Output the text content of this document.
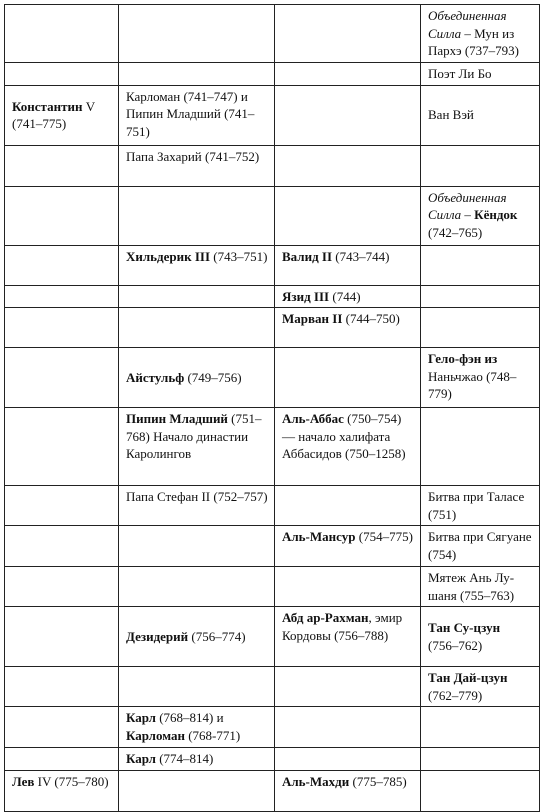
			Объединенная Силла – Мун из Пархэ (737–793)
			Поэт Ли Бо
Константин V (741–775)	Карломан (741–747) и Пипин Младший (741–751)		Ван Вэй
	Папа Захарий (741–752)		
			Объединенная Силла – Кёндок (742–765)
	Хильдерик III (743–751)	Валид II (743–744)	
		Язид III (744)	
		Марван II (744–750)	
	Айстульф (749–756)		Гело-фэн из Наньчжао (748–779)
	Пипин Младший (751–768) Начало династии Каролингов	Аль-Аббас (750–754) — начало халифата Аббасидов (750–1258)	
	Папа Стефан II (752–757)		Битва при Таласе (751)
		Аль-Мансур (754–775)	Битва при Сягуане (754)
			Мятеж Ань Лу-шаня (755–763)
	Дезидерий (756–774)	Абд ар-Рахман, эмир Кордовы (756–788)	Тан Су-цзун (756–762)
			Тан Дай-цзун (762–779)
	Карл (768–814) и Карломан (768-771)		
	Карл (774–814)		
Лев IV (775–780)		Аль-Махди (775–785)	
